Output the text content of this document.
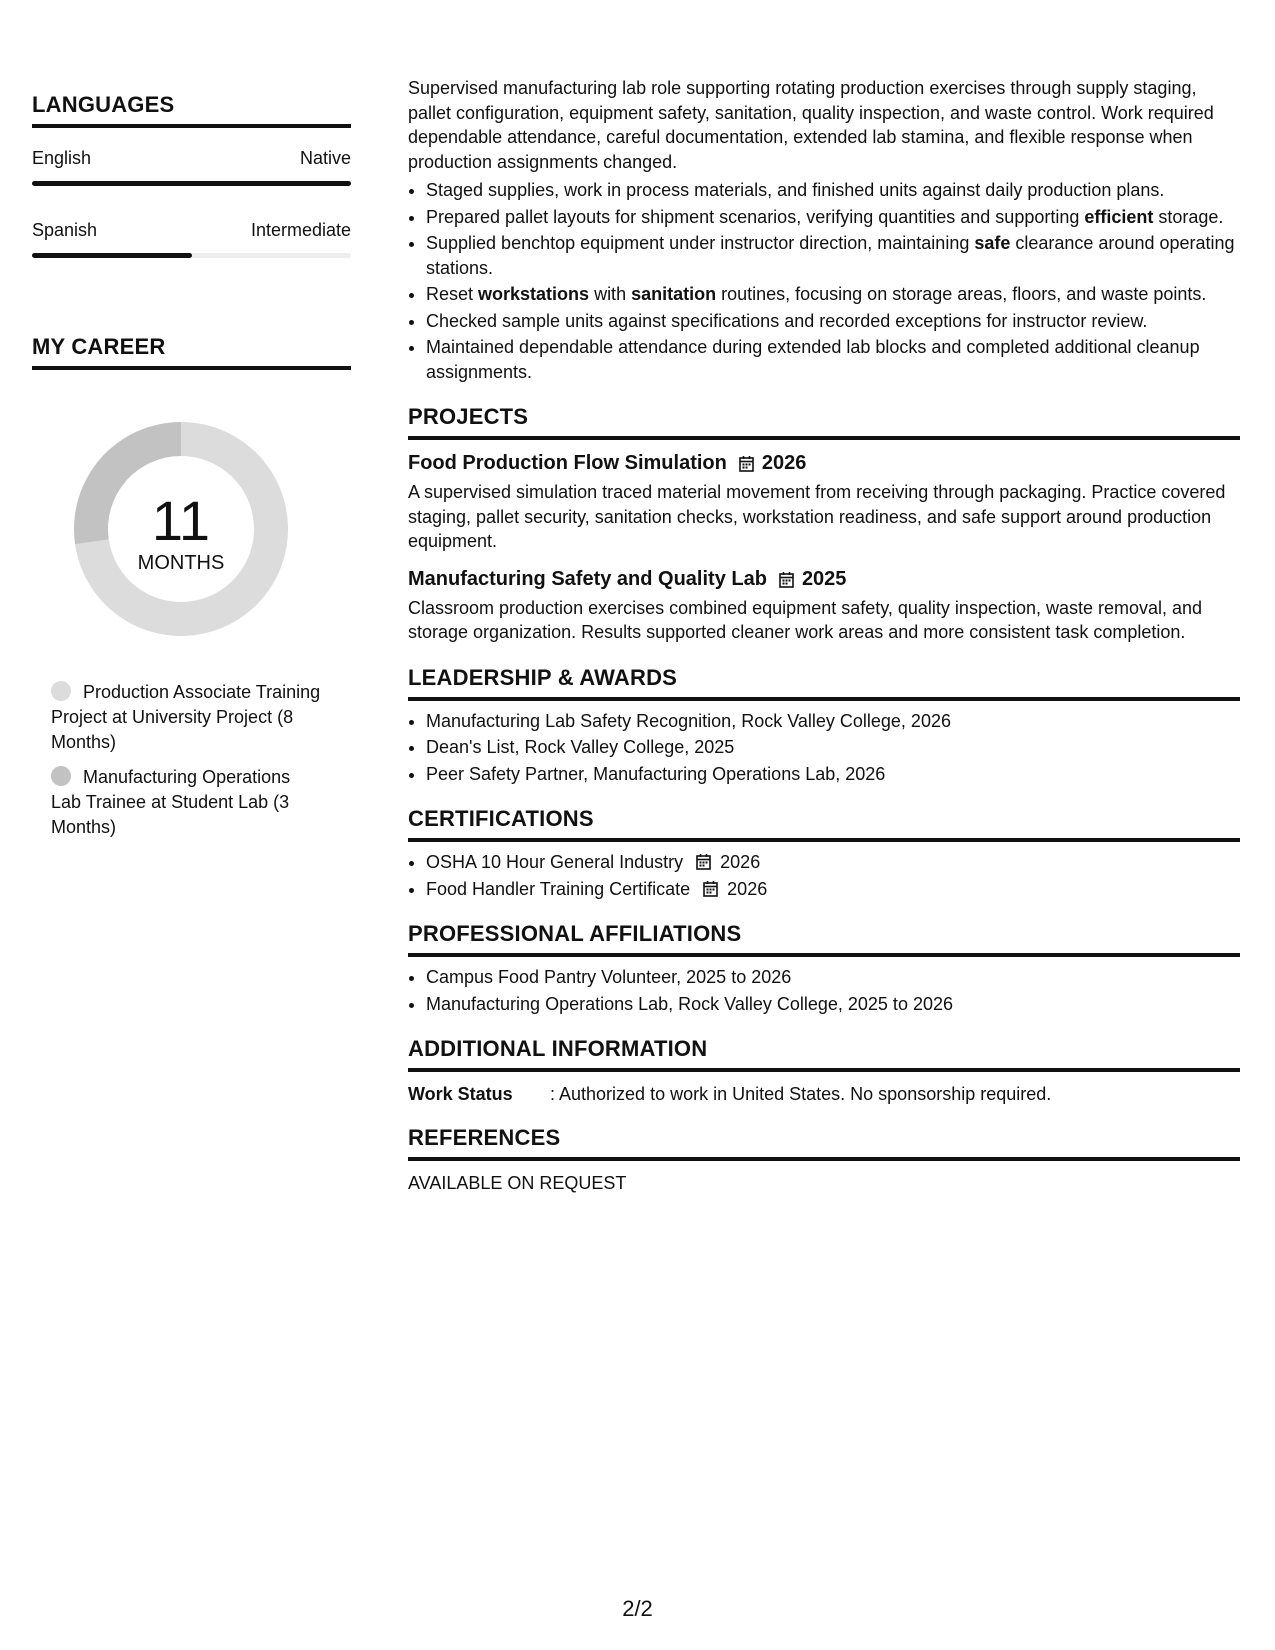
LANGUAGES
English	Native
Spanish	Intermediate
MY CAREER
11
MONTHS
Production Associate Training Project at University Project (8 Months)
Manufacturing Operations Lab Trainee at Student Lab (3 Months)

Supervised manufacturing lab role supporting rotating production exercises through supply staging, pallet configuration, equipment safety, sanitation, quality inspection, and waste control. Work required dependable attendance, careful documentation, extended lab stamina, and flexible response when production assignments changed.

• Staged supplies, work in process materials, and finished units against daily production plans.
• Prepared pallet layouts for shipment scenarios, verifying quantities and supporting efficient storage.
• Supplied benchtop equipment under instructor direction, maintaining safe clearance around operating stations.
• Reset workstations with sanitation routines, focusing on storage areas, floors, and waste points.
• Checked sample units against specifications and recorded exceptions for instructor review.
• Maintained dependable attendance during extended lab blocks and completed additional cleanup assignments.
PROJECTS
Food Production Flow Simulation 2026
A supervised simulation traced material movement from receiving through packaging. Practice covered staging, pallet security, sanitation checks, workstation readiness, and safe support around production equipment.
Manufacturing Safety and Quality Lab 2025
Classroom production exercises combined equipment safety, quality inspection, waste removal, and storage organization. Results supported cleaner work areas and more consistent task completion.
LEADERSHIP & AWARDS
• Manufacturing Lab Safety Recognition, Rock Valley College, 2026
• Dean's List, Rock Valley College, 2025
• Peer Safety Partner, Manufacturing Operations Lab, 2026
CERTIFICATIONS
• OSHA 10 Hour General Industry 2026
• Food Handler Training Certificate 2026
PROFESSIONAL AFFILIATIONS
• Campus Food Pantry Volunteer, 2025 to 2026
• Manufacturing Operations Lab, Rock Valley College, 2025 to 2026
ADDITIONAL INFORMATION
Work Status	: Authorized to work in United States. No sponsorship required.
REFERENCES
AVAILABLE ON REQUEST
2/2
